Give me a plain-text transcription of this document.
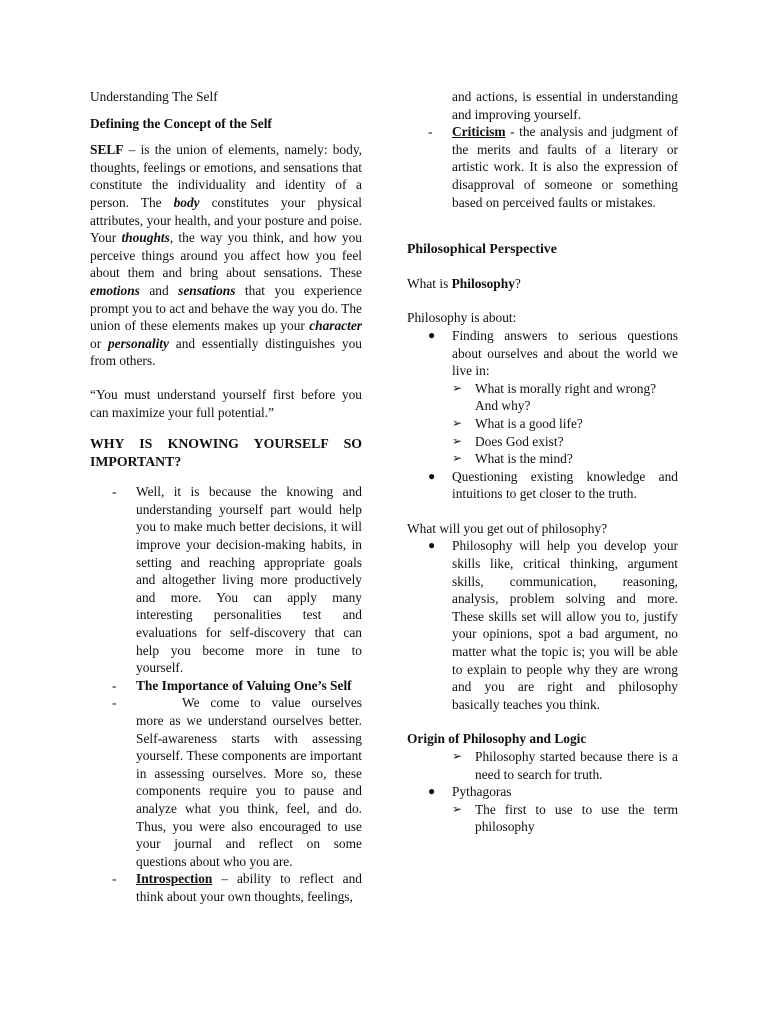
Understanding The Self

Defining the Concept of the Self

SELF – is the union of elements, namely: body, thoughts, feelings or emotions, and sensations that constitute the individuality and identity of a person. The body constitutes your physical attributes, your health, and your posture and poise. Your thoughts, the way you think, and how you perceive things around you affect how you feel about them and bring about sensations. These emotions and sensations that you experience prompt you to act and behave the way you do. The union of these elements makes up your character or personality and essentially distinguishes you from others.

“You must understand yourself first before you can maximize your full potential.”

WHY IS KNOWING YOURSELF SO IMPORTANT?

- Well, it is because the knowing and understanding yourself part would help you to make much better decisions, it will improve your decision-making habits, in setting and reaching appropriate goals and altogether living more productively and more. You can apply many interesting personalities test and evaluations for self-discovery that can help you become more in tune to yourself.
- The Importance of Valuing One’s Self
-	We come to value ourselves more as we understand ourselves better. Self-awareness starts with assessing yourself. These components are important in assessing ourselves. More so, these components require you to pause and analyze what you think, feel, and do. Thus, you were also encouraged to use your journal and reflect on some questions about who you are.
- Introspection – ability to reflect and think about your own thoughts, feelings,

and actions, is essential in understanding and improving yourself.

- Criticism - the analysis and judgment of the merits and faults of a literary or artistic work. It is also the expression of disapproval of someone or something based on perceived faults or mistakes.

Philosophical Perspective

What is Philosophy?

Philosophy is about:

● Finding answers to serious questions about ourselves and about the world we live in:
➢ What is morally right and wrong? And why?
➢ What is a good life?
➢ Does God exist?
➢ What is the mind?
● Questioning existing knowledge and intuitions to get closer to the truth.

What will you get out of philosophy?

● Philosophy will help you develop your skills like, critical thinking, argument skills, communication, reasoning, analysis, problem solving and more. These skills set will allow you to, justify your opinions, spot a bad argument, no matter what the topic is; you will be able to explain to people why they are wrong and you are right and philosophy basically teaches you think.

Origin of Philosophy and Logic

➢ Philosophy started because there is a need to search for truth.
● Pythagoras
➢ The first to use to use the term philosophy
